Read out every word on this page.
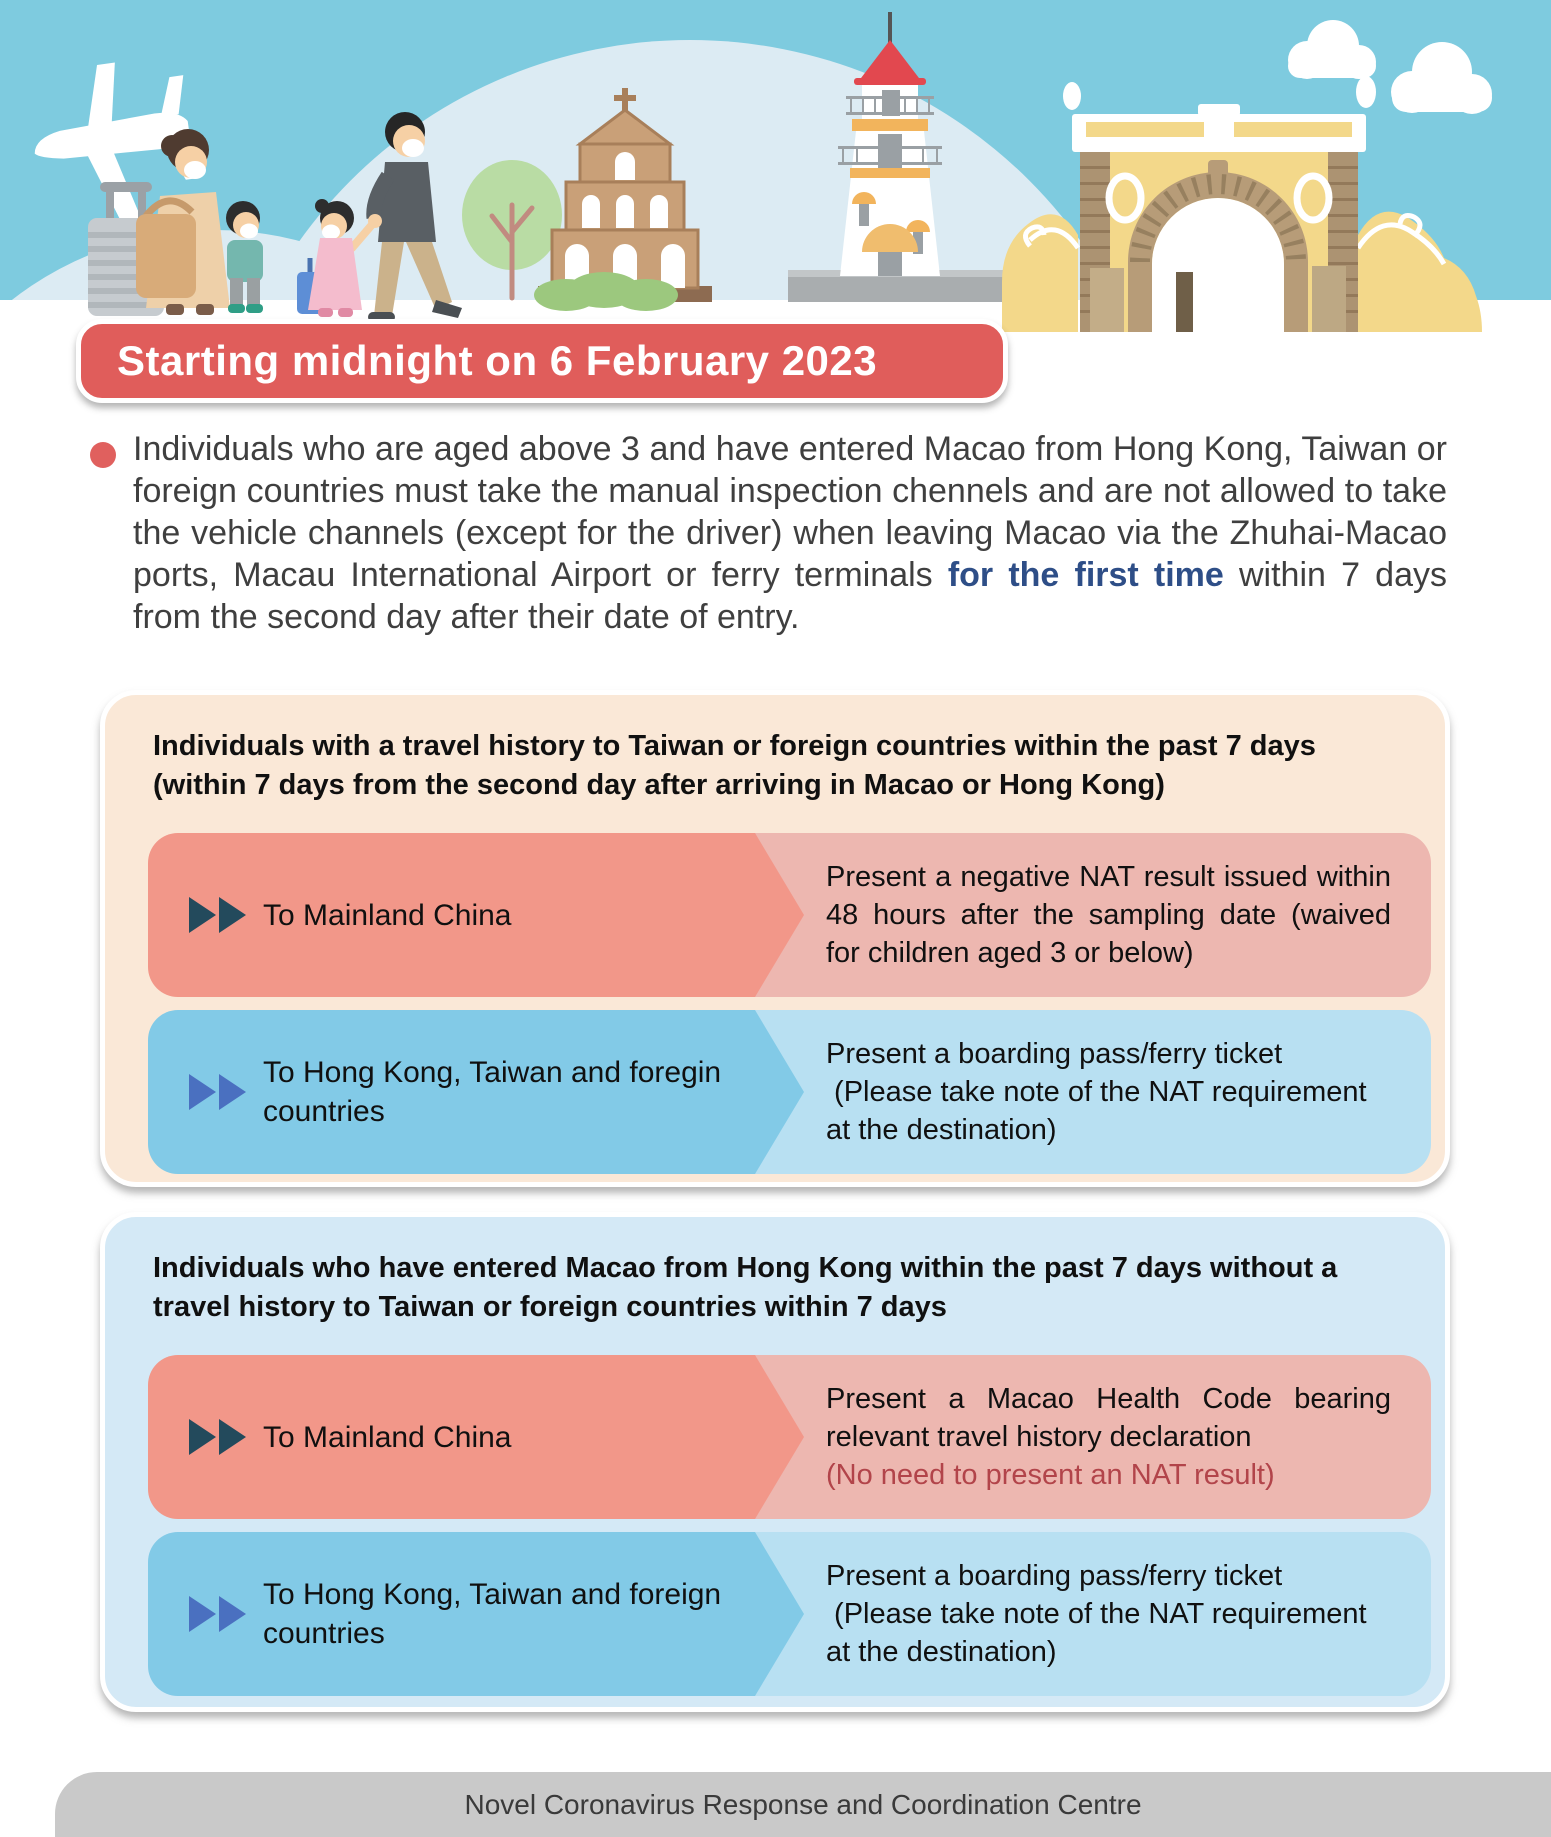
Starting midnight on 6 February 2023

Individuals who are aged above 3 and have entered Macao from Hong Kong, Taiwan or foreign countries must take the manual inspection chennels and are not allowed to take the vehicle channels (except for the driver) when leaving Macao via the Zhuhai-Macao ports, Macau International Airport or ferry terminals for the first time within 7 days from the second day after their date of entry.

Individuals with a travel history to Taiwan or foreign countries within the past 7 days (within 7 days from the second day after arriving in Macao or Hong Kong)

To Mainland China
Present a negative NAT result issued within 48 hours after the sampling date (waived for children aged 3 or below)
To Hong Kong, Taiwan and foregin countries
Present a boarding pass/ferry ticket
(Please take note of the NAT requirement
at the destination)

Individuals who have entered Macao from Hong Kong within the past 7 days without a travel history to Taiwan or foreign countries within 7 days

To Mainland China
Present a Macao Health Code bearing relevant travel history declaration
(No need to present an NAT result)
To Hong Kong, Taiwan and foreign countries
Present a boarding pass/ferry ticket
(Please take note of the NAT requirement
at the destination)
Novel Coronavirus Response and Coordination Centre
